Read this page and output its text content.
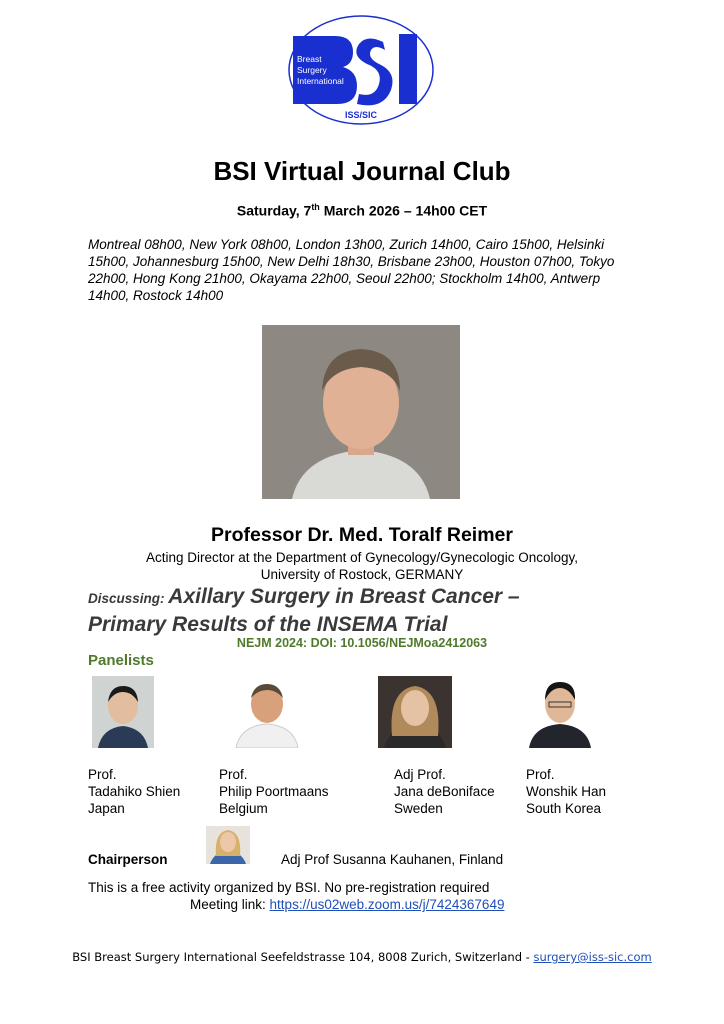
Breast
Surgery
International
ISS/SIC
BSI Virtual Journal Club
Saturday, 7th March 2026 – 14h00 CET
Montreal 08h00, New York 08h00, London 13h00, Zurich 14h00, Cairo 15h00, Helsinki 15h00, Johannesburg 15h00, New Delhi 18h30, Brisbane 23h00, Houston 07h00, Tokyo 22h00, Hong Kong 21h00, Okayama 22h00, Seoul 22h00; Stockholm 14h00, Antwerp 14h00, Rostock 14h00
Professor Dr. Med. Toralf Reimer
Acting Director at the Department of Gynecology/Gynecologic Oncology,
University of Rostock, GERMANY
Discussing: Axillary Surgery in Breast Cancer –
Primary Results of the INSEMA Trial
NEJM 2024: DOI: 10.1056/NEJMoa2412063
Panelists
Prof.
Tadahiko Shien
Japan
Prof.
Philip Poortmaans
Belgium
Adj Prof.
Jana deBoniface
Sweden
Prof.
Wonshik Han
South Korea
Chairperson	Adj Prof Susanna Kauhanen, Finland
This is a free activity organized by BSI. No pre-registration required
Meeting link: https://us02web.zoom.us/j/7424367649
BSI Breast Surgery International Seefeldstrasse 104, 8008 Zurich, Switzerland - surgery@iss-sic.com
